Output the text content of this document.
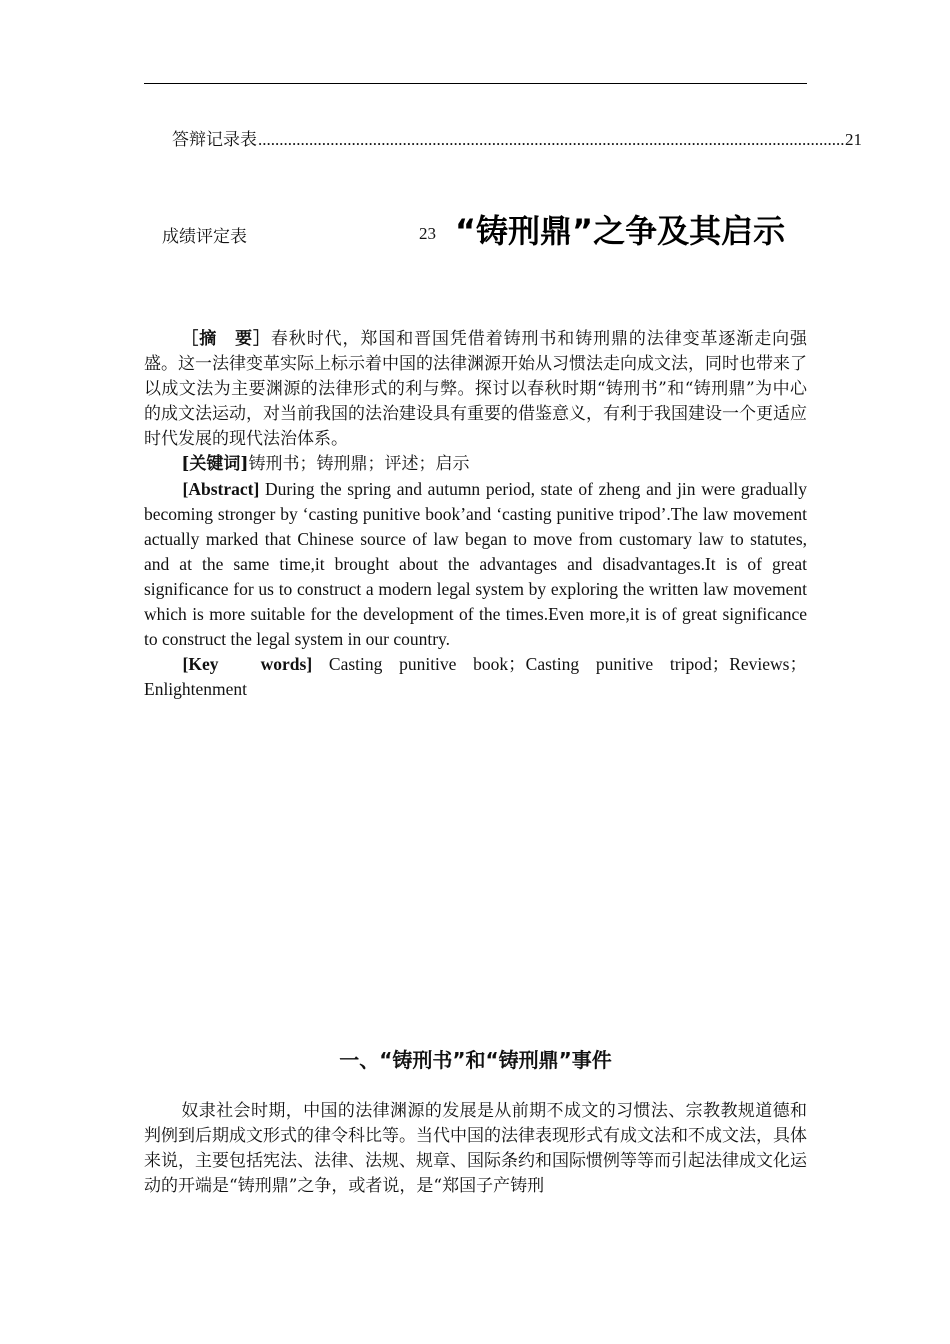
答辩记录表
.....	21
成绩评定表	23 “铸刑鼎”之争及其启示

［摘　要］春秋时代，郑国和晋国凭借着铸刑书和铸刑鼎的法律变革逐渐走向强盛。这一法律变革实际上标示着中国的法律渊源开始从习惯法走向成文法，同时也带来了以成文法为主要渊源的法律形式的利与弊。探讨以春秋时期“铸刑书”和“铸刑鼎”为中心的成文法运动，对当前我国的法治建设具有重要的借鉴意义，有利于我国建设一个更适应时代发展的现代法治体系。

[关键词]铸刑书；铸刑鼎；评述；启示

[Abstract] During the spring and autumn period, state of zheng and jin were gradually becoming stronger by ‘casting punitive book’and ‘casting punitive tripod’.The law movement actually marked that Chinese source of law began to move from customary law to statutes, and at the same time,it brought about the advantages and disadvantages.It is of great significance for us to construct a modern legal system by exploring the written law movement which is more suitable for the development of the times.Even more,it is of great significance to construct the legal system in our country.

[Key　words] Casting punitive book；Casting punitive tripod；Reviews；Enlightenment

一、“铸刑书”和“铸刑鼎”事件

奴隶社会时期，中国的法律渊源的发展是从前期不成文的习惯法、宗教教规道德和判例到后期成文形式的律令科比等。当代中国的法律表现形式有成文法和不成文法，具体来说，主要包括宪法、法律、法规、规章、国际条约和国际惯例等等而引起法律成文化运动的开端是“铸刑鼎”之争，或者说，是“郑国子产铸刑
